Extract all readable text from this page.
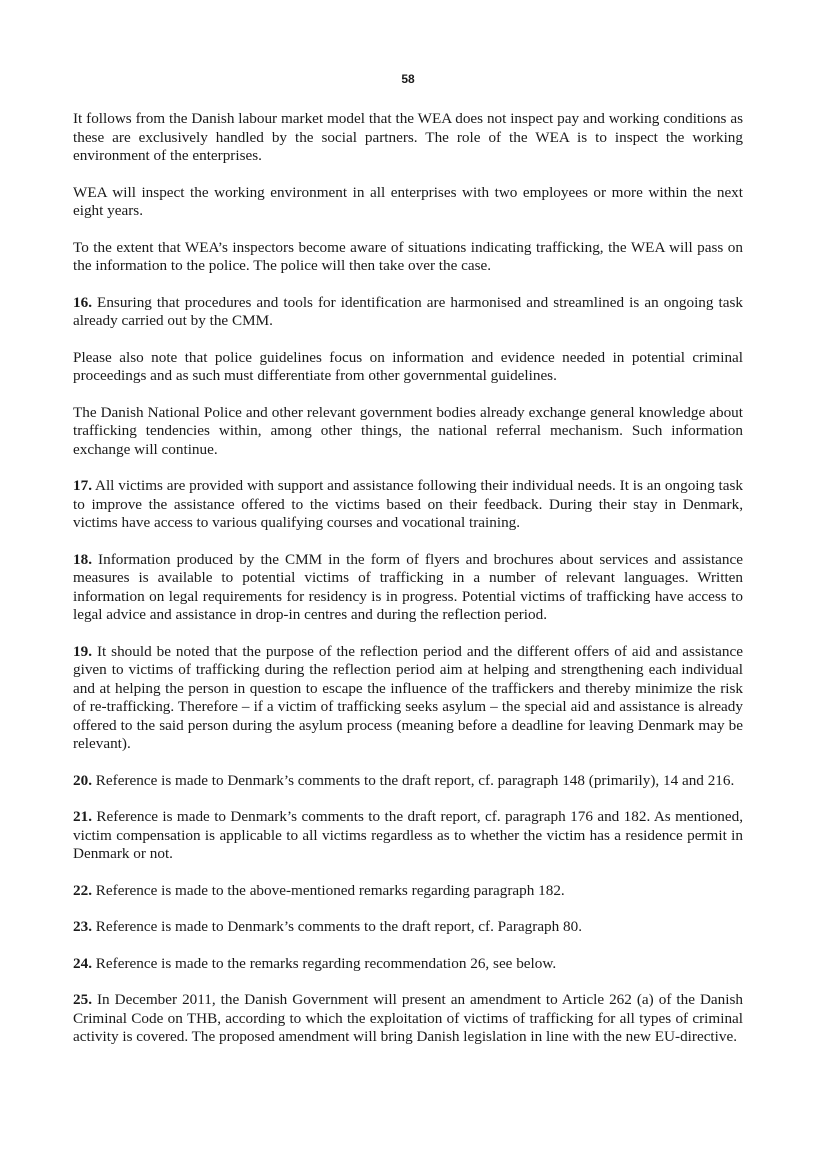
58

It follows from the Danish labour market model that the WEA does not inspect pay and working conditions as these are exclusively handled by the social partners. The role of the WEA is to inspect the working environment of the enterprises.

WEA will inspect the working environment in all enterprises with two employees or more within the next eight years.

To the extent that WEA’s inspectors become aware of situations indicating trafficking, the WEA will pass on the information to the police. The police will then take over the case.

16. Ensuring that procedures and tools for identification are harmonised and streamlined is an ongoing task already carried out by the CMM.

Please also note that police guidelines focus on information and evidence needed in potential criminal proceedings and as such must differentiate from other governmental guidelines.

The Danish National Police and other relevant government bodies already exchange general knowledge about trafficking tendencies within, among other things, the national referral mechanism. Such information exchange will continue.

17. All victims are provided with support and assistance following their individual needs. It is an ongoing task to improve the assistance offered to the victims based on their feedback. During their stay in Denmark, victims have access to various qualifying courses and vocational training.

18. Information produced by the CMM in the form of flyers and brochures about services and assistance measures is available to potential victims of trafficking in a number of relevant languages. Written information on legal requirements for residency is in progress. Potential victims of trafficking have access to legal advice and assistance in drop-in centres and during the reflection period.

19. It should be noted that the purpose of the reflection period and the different offers of aid and assistance given to victims of trafficking during the reflection period aim at helping and strengthening each individual and at helping the person in question to escape the influence of the traffickers and thereby minimize the risk of re-trafficking. Therefore – if a victim of trafficking seeks asylum – the special aid and assistance is already offered to the said person during the asylum process (meaning before a deadline for leaving Denmark may be relevant).

20. Reference is made to Denmark’s comments to the draft report, cf. paragraph 148 (primarily), 14 and 216.

21. Reference is made to Denmark’s comments to the draft report, cf. paragraph 176 and 182. As mentioned, victim compensation is applicable to all victims regardless as to whether the victim has a residence permit in Denmark or not.

22. Reference is made to the above-mentioned remarks regarding paragraph 182.

23. Reference is made to Denmark’s comments to the draft report, cf. Paragraph 80.

24. Reference is made to the remarks regarding recommendation 26, see below.

25. In December 2011, the Danish Government will present an amendment to Article 262 (a) of the Danish Criminal Code on THB, according to which the exploitation of victims of trafficking for all types of criminal activity is covered. The proposed amendment will bring Danish legislation in line with the new EU-directive.
